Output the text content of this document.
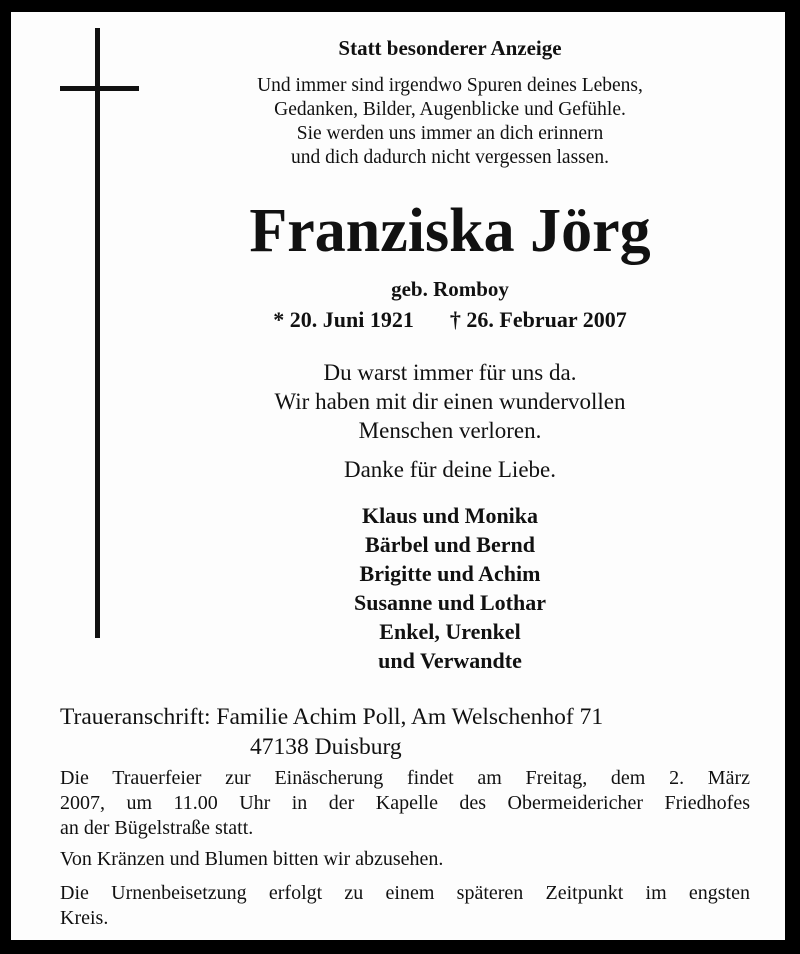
Statt besonderer Anzeige
Und immer sind irgendwo Spuren deines Lebens,
Gedanken, Bilder, Augenblicke und Gefühle.
Sie werden uns immer an dich erinnern
und dich dadurch nicht vergessen lassen.
Franziska Jörg
geb. Romboy
* 20. Juni 1921 † 26. Februar 2007
Du warst immer für uns da.
Wir haben mit dir einen wundervollen
Menschen verloren.
Danke für deine Liebe.
Klaus und Monika
Bärbel und Bernd
Brigitte und Achim
Susanne und Lothar
Enkel, Urenkel
und Verwandte
Traueranschrift: Familie Achim Poll, Am Welschenhof 71
47138 Duisburg
Die Trauerfeier zur Einäscherung findet am Freitag, dem 2. März
2007, um 11.00 Uhr in der Kapelle des Obermeidericher Friedhofes
an der Bügelstraße statt.
Von Kränzen und Blumen bitten wir abzusehen.
Die Urnenbeisetzung erfolgt zu einem späteren Zeitpunkt im engsten
Kreis.
